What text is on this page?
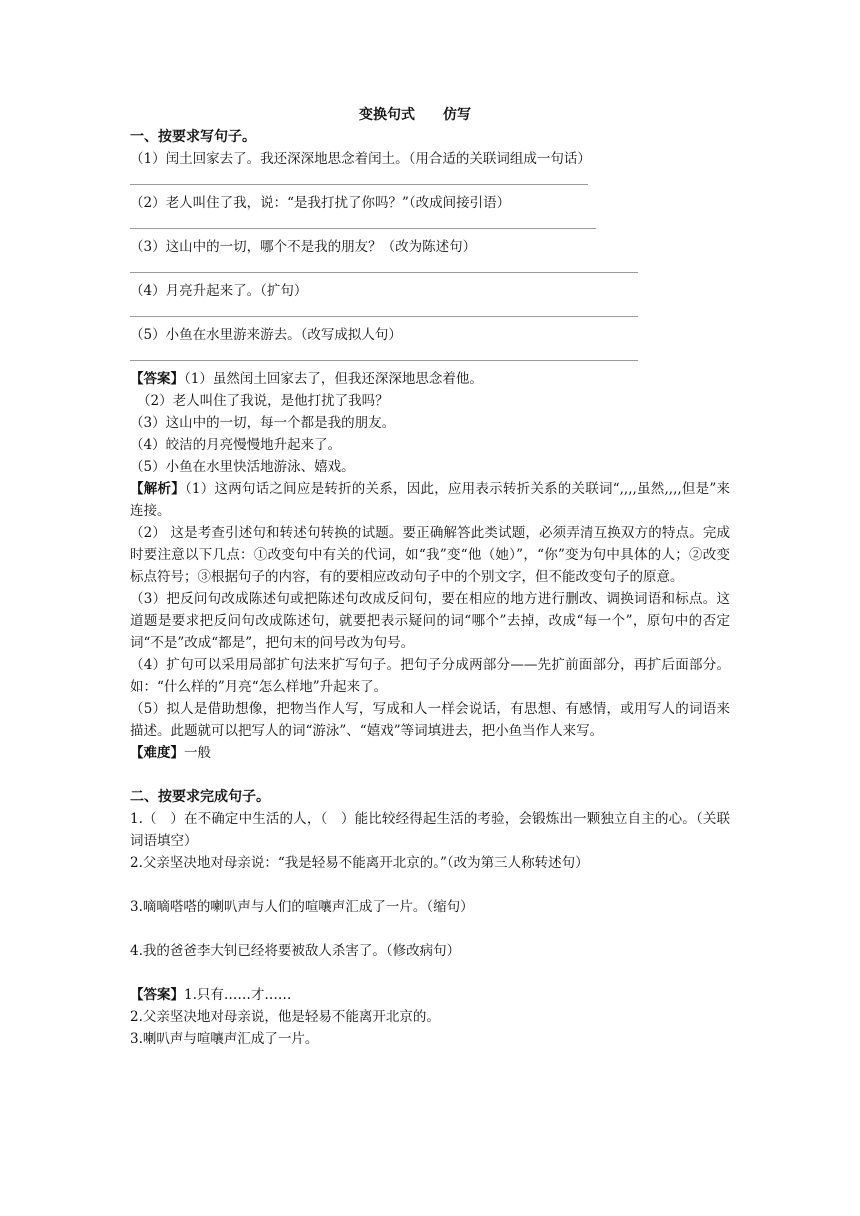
变换句式　　仿写
一、按要求写句子。
（1）闰土回家去了。我还深深地思念着闰土。（用合适的关联词组成一句话）
（2）老人叫住了我，说：“是我打扰了你吗？”（改成间接引语）
（3）这山中的一切，哪个不是我的朋友？（改为陈述句）
（4）月亮升起来了。（扩句）
（5）小鱼在水里游来游去。（改写成拟人句）
【答案】（1）虽然闰土回家去了，但我还深深地思念着他。
（2）老人叫住了我说，是他打扰了我吗？
（3）这山中的一切，每一个都是我的朋友。
（4）皎洁的月亮慢慢地升起来了。
（5）小鱼在水里快活地游泳、嬉戏。
【解析】（1）这两句话之间应是转折的关系，因此，应用表示转折关系的关联词“,,,,虽然,,,,但是”来连接。
（2） 这是考查引述句和转述句转换的试题。要正确解答此类试题，必须弄清互换双方的特点。完成时要注意以下几点：①改变句中有关的代词，如“我”变“他（她）”，“你”变为句中具体的人；②改变标点符号；③根据句子的内容，有的要相应改动句子中的个别文字，但不能改变句子的原意。
（3）把反问句改成陈述句或把陈述句改成反问句，要在相应的地方进行删改、调换词语和标点。这道题是要求把反问句改成陈述句，就要把表示疑问的词“哪个”去掉，改成“每一个”，原句中的否定词“不是”改成“都是”，把句末的问号改为句号。
（4）扩句可以采用局部扩句法来扩写句子。把句子分成两部分——先扩前面部分，再扩后面部分。如：“什么样的”月亮“怎么样地”升起来了。
（5）拟人是借助想像，把物当作人写，写成和人一样会说话，有思想、有感情，或用写人的词语来描述。此题就可以把写人的词“游泳”、“嬉戏”等词填进去，把小鱼当作人来写。
【难度】一般
二、按要求完成句子。
1.（　）在不确定中生活的人，（　）能比较经得起生活的考验，会锻炼出一颗独立自主的心。（关联词语填空）
2.父亲坚决地对母亲说：“我是轻易不能离开北京的。”（改为第三人称转述句）
3.嘀嘀嗒嗒的喇叭声与人们的喧嚷声汇成了一片。（缩句）
4.我的爸爸李大钊已经将要被敌人杀害了。（修改病句）
【答案】1.只有……才……
2.父亲坚决地对母亲说，他是轻易不能离开北京的。
3.喇叭声与喧嚷声汇成了一片。
